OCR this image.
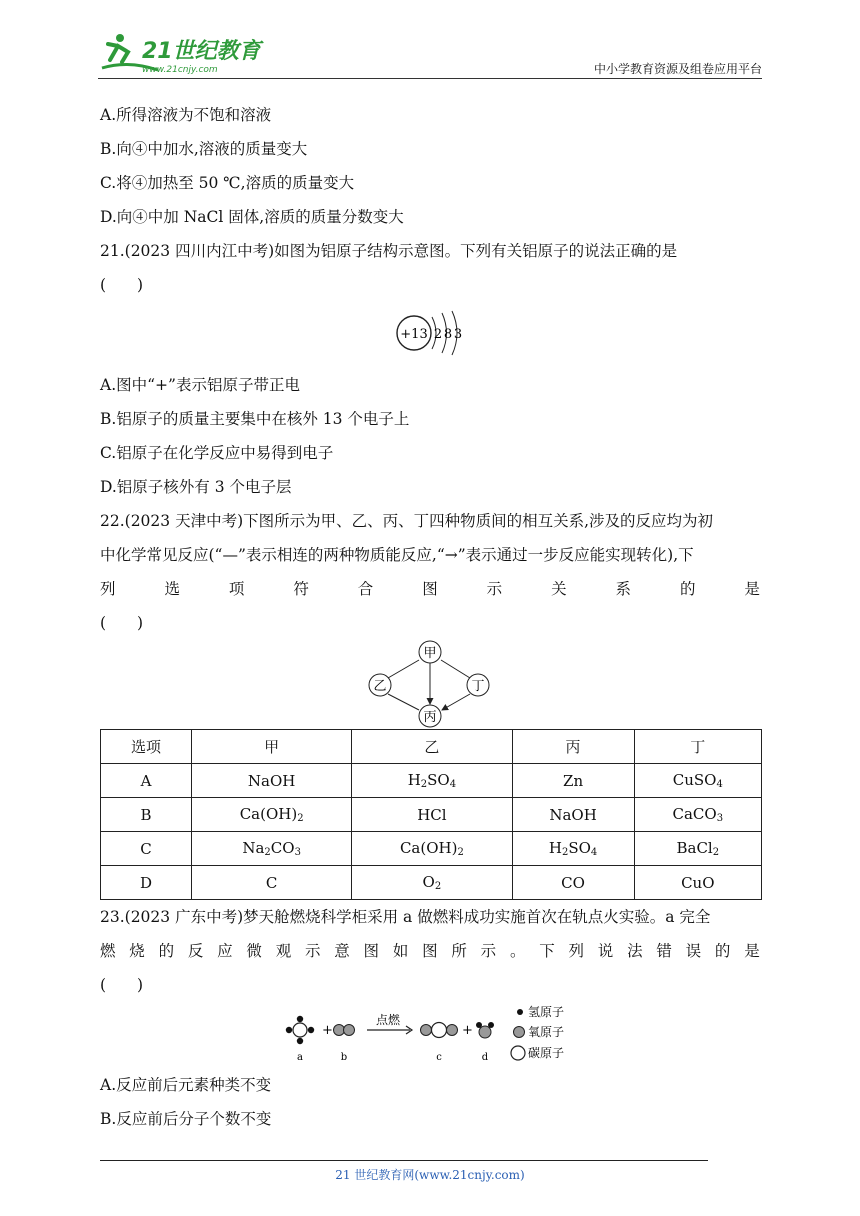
21世纪教育
www.21cnjy.com	中小学教育资源及组卷应用平台
A.所得溶液为不饱和溶液
B.向④中加水,溶液的质量变大
C.将④加热至 50 ℃,溶质的质量变大
D.向④中加 NaCl 固体,溶质的质量分数变大
21.(2023 四川内江中考)如图为铝原子结构示意图。下列有关铝原子的说法正确的是
(　　)
+13 2 8 3
A.图中“+”表示铝原子带正电
B.铝原子的质量主要集中在核外 13 个电子上
C.铝原子在化学反应中易得到电子
D.铝原子核外有 3 个电子层
22.(2023 天津中考)下图所示为甲、乙、丙、丁四种物质间的相互关系,涉及的反应均为初
中化学常见反应(“—”表示相连的两种物质能反应,“→”表示通过一步反应能实现转化),下
列	选	项	符	合	图	示	关	系	的	是
(　　)
甲
乙	丁
丙
选项	甲	乙	丙	丁
A	NaOH	$H_2SO_4$	Zn	CuSO$_4$
B	$Ca(OH)_2$	HCl	NaOH	CaCO$_3$
C	$Na_2CO_3$	$Ca(OH)_2$	$H_2SO_4$	BaCl$_2$
D	C	$O_2$	CO	CuO
23.(2023 广东中考)梦天舱燃烧科学柜采用 a 做燃料成功实施首次在轨点火实验。a 完全
燃 烧 的 反 应 微 观 示 意 图 如 图 所 示 。 下 列 说 法 错 误 的 是
(　　)
+
点燃
+
a	b	c	d
氢原子
氧原子
碳原子
A.反应前后元素种类不变
B.反应前后分子个数不变
21 世纪教育网(www.21cnjy.com)
